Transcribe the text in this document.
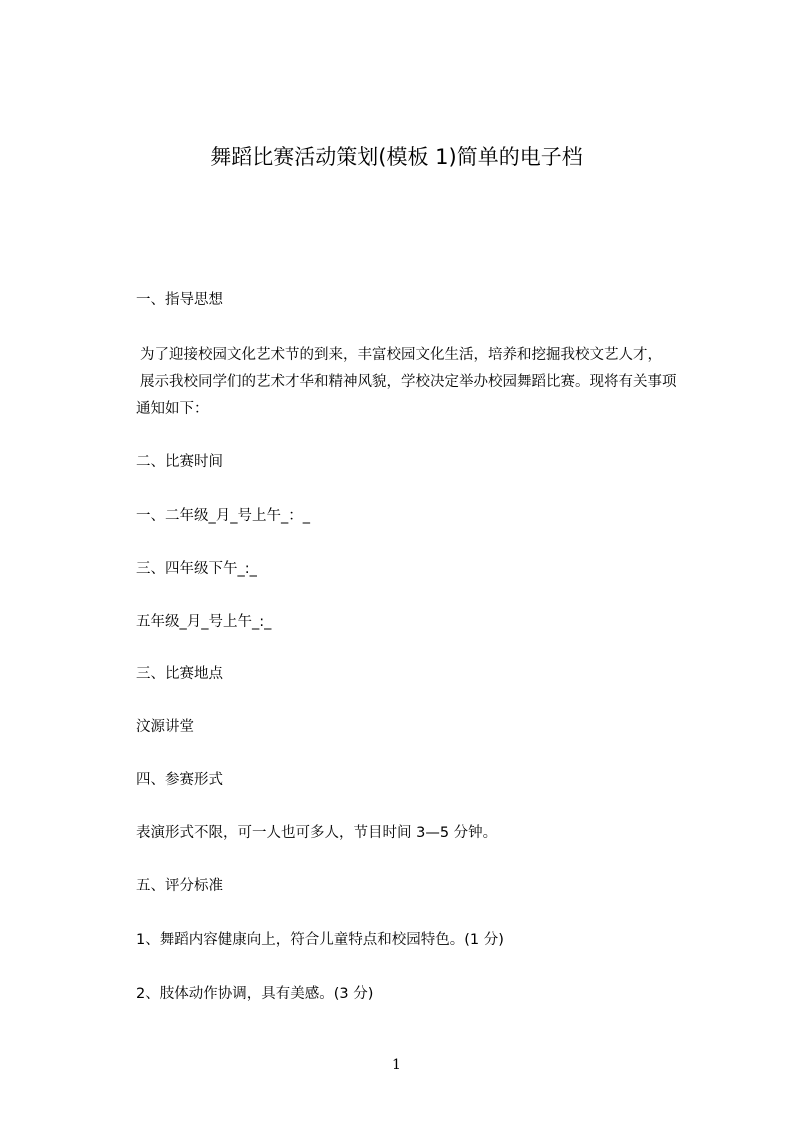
舞蹈比赛活动策划(模板 1)简单的电子档
一、指导思想
为了迎接校园文化艺术节的到来，丰富校园文化生活，培养和挖掘我校文艺人才，
展示我校同学们的艺术才华和精神风貌，学校决定举办校园舞蹈比赛。现将有关事项
通知如下：
二、比赛时间
一、二年级_月_号上午_：_
三、四年级下午_:_
五年级_月_号上午_:_
三、比赛地点
汶源讲堂
四、参赛形式
表演形式不限，可一人也可多人，节目时间 3—5 分钟。
五、评分标准
1、舞蹈内容健康向上，符合儿童特点和校园特色。(1 分)
2、肢体动作协调，具有美感。(3 分)
1
